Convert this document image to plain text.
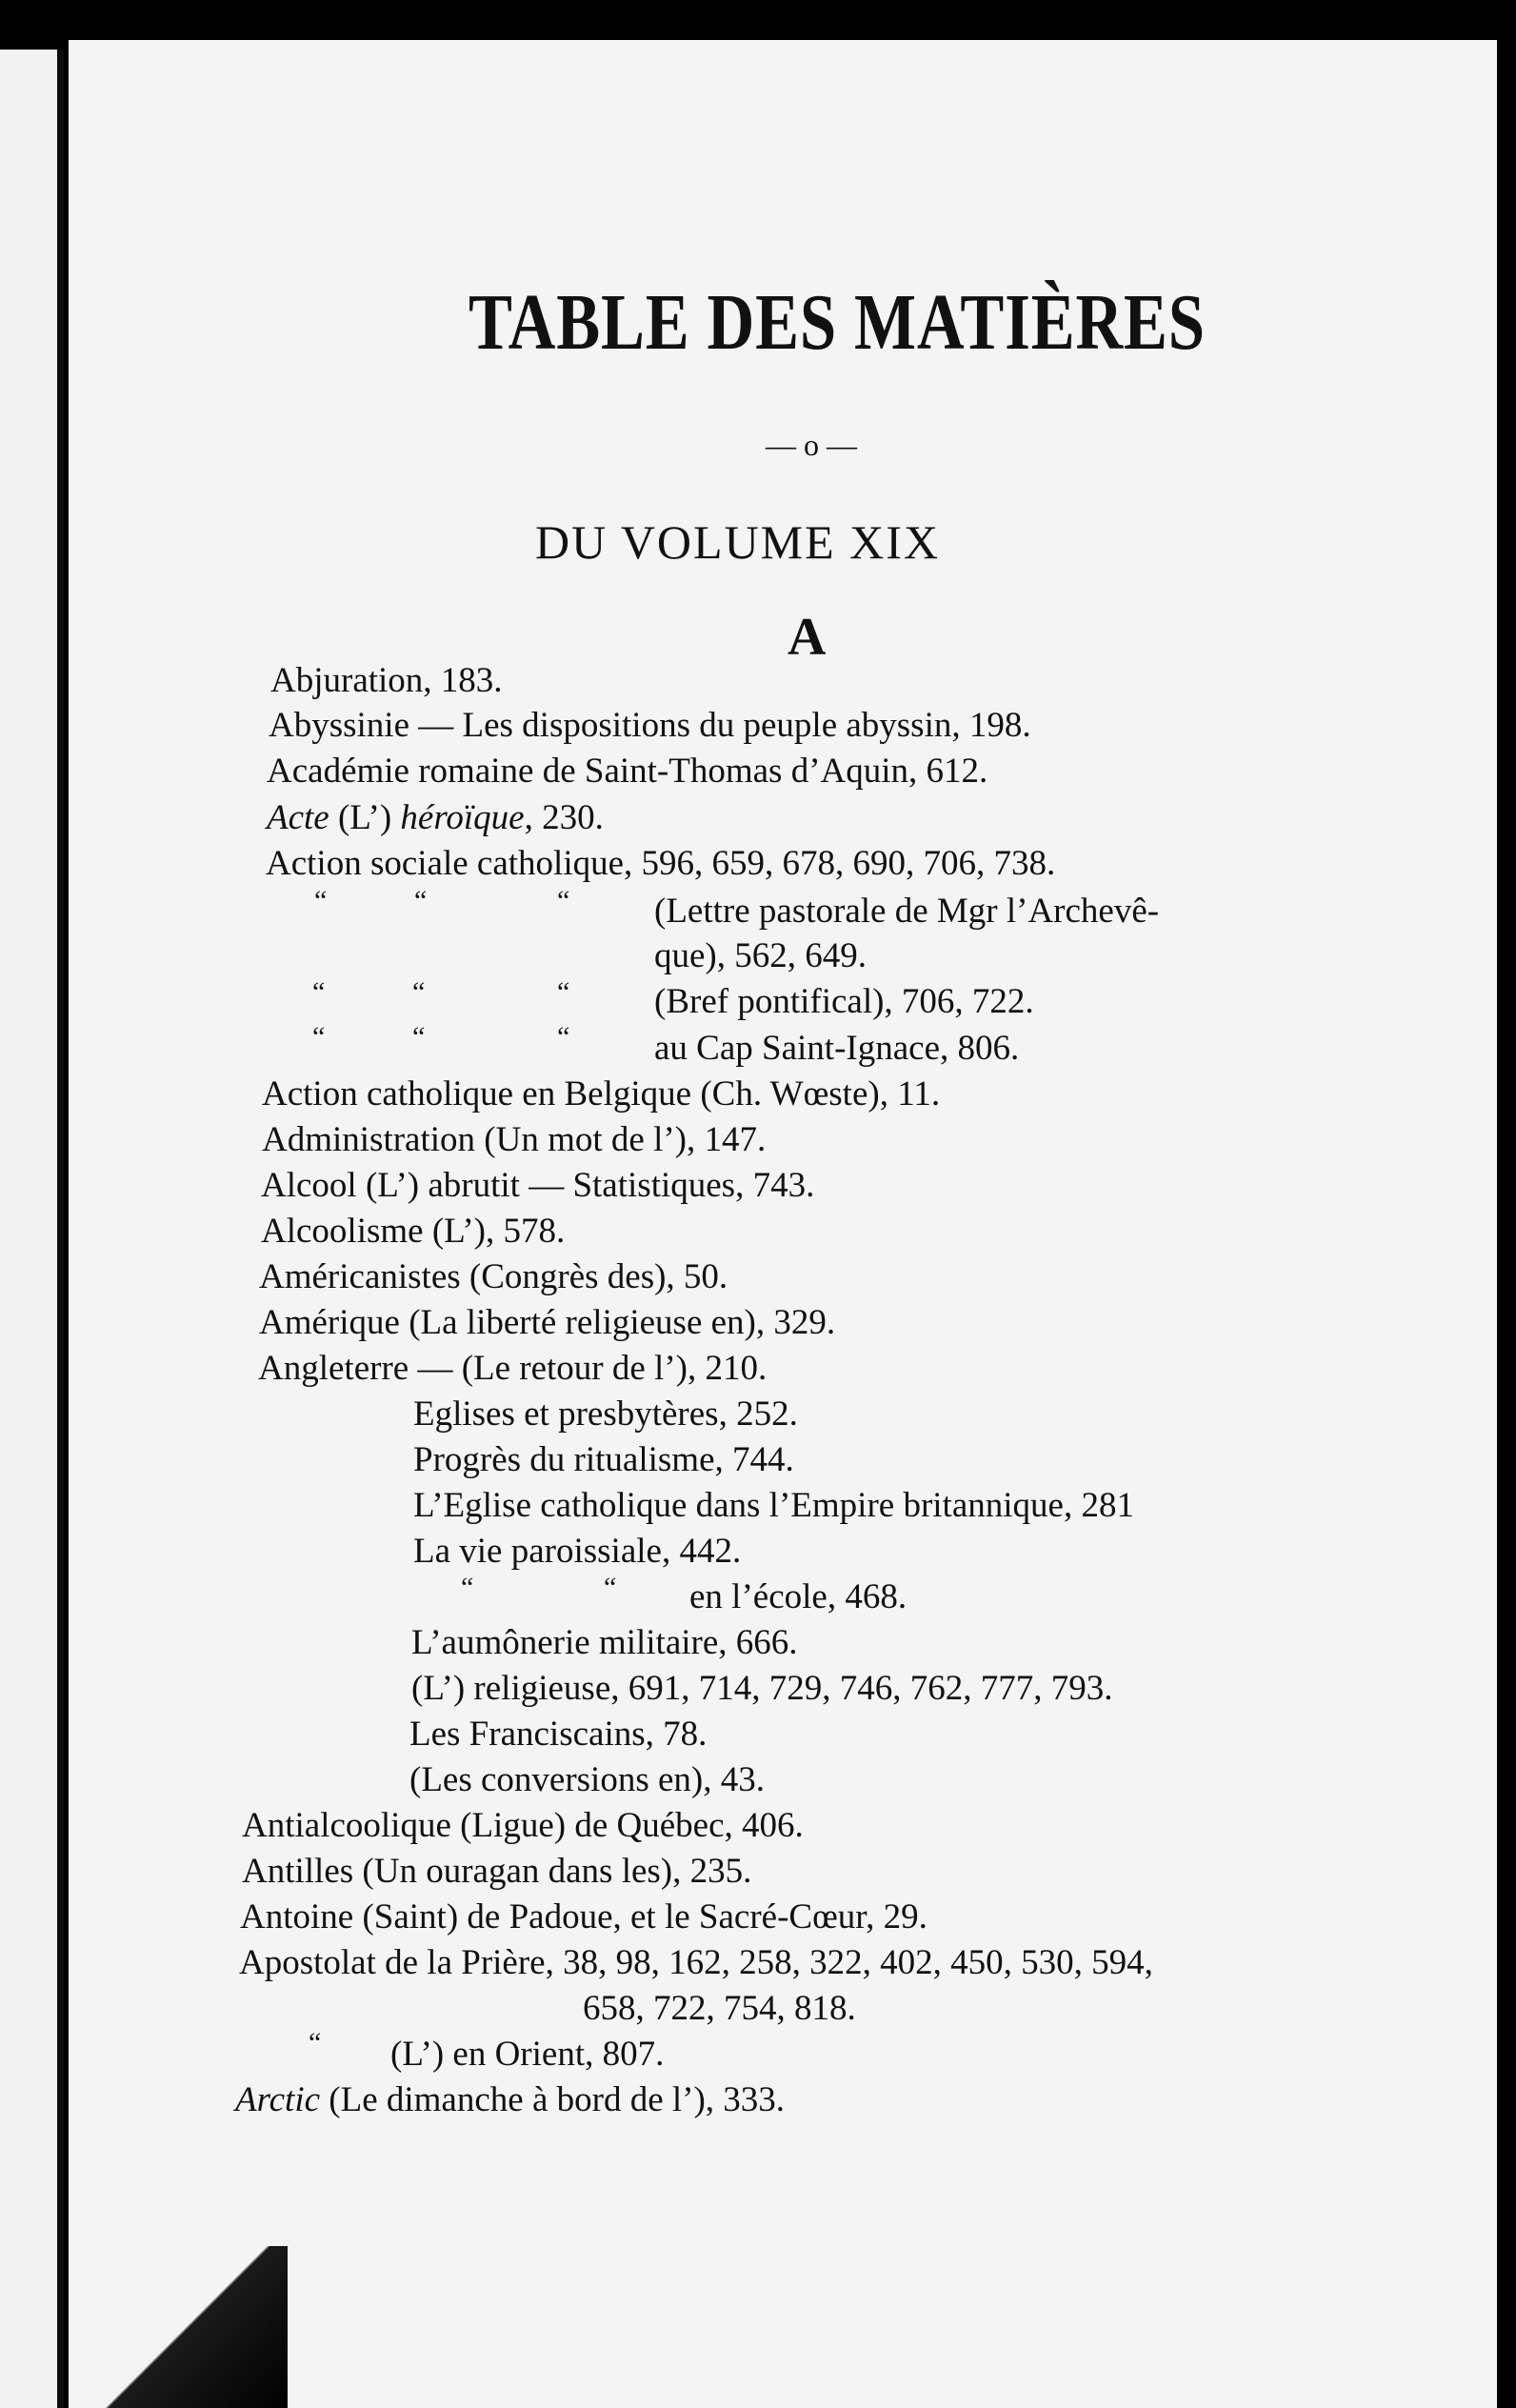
TABLE DES MATIÈRES
— o —
DU VOLUME XIX
A
Abjuration, 183.
Abyssinie — Les dispositions du peuple abyssin, 198.
Académie romaine de Saint-Thomas d’Aquin, 612.
Acte (L’) héroïque, 230.
Action sociale catholique, 596, 659, 678, 690, 706, 738.
“	“	“ (Lettre pastorale de Mgr l’Archevê-
que), 562, 649.
“	“	“ (Bref pontifical), 706, 722.
“	“	“ au Cap Saint-Ignace, 806.
Action catholique en Belgique (Ch. Wœste), 11.
Administration (Un mot de l’), 147.
Alcool (L’) abrutit — Statistiques, 743.
Alcoolisme (L’), 578.
Américanistes (Congrès des), 50.
Amérique (La liberté religieuse en), 329.
Angleterre — (Le retour de l’), 210.
Eglises et presbytères, 252.
Progrès du ritualisme, 744.
L’Eglise catholique dans l’Empire britannique, 281
La vie paroissiale, 442.
“	“ en l’école, 468.
L’aumônerie militaire, 666.
(L’) religieuse, 691, 714, 729, 746, 762, 777, 793.
Les Franciscains, 78.
(Les conversions en), 43.
Antialcoolique (Ligue) de Québec, 406.
Antilles (Un ouragan dans les), 235.
Antoine (Saint) de Padoue, et le Sacré-Cœur, 29.
Apostolat de la Prière, 38, 98, 162, 258, 322, 402, 450, 530, 594,
658, 722, 754, 818.
“ (L’) en Orient, 807.
Arctic (Le dimanche à bord de l’), 333.
